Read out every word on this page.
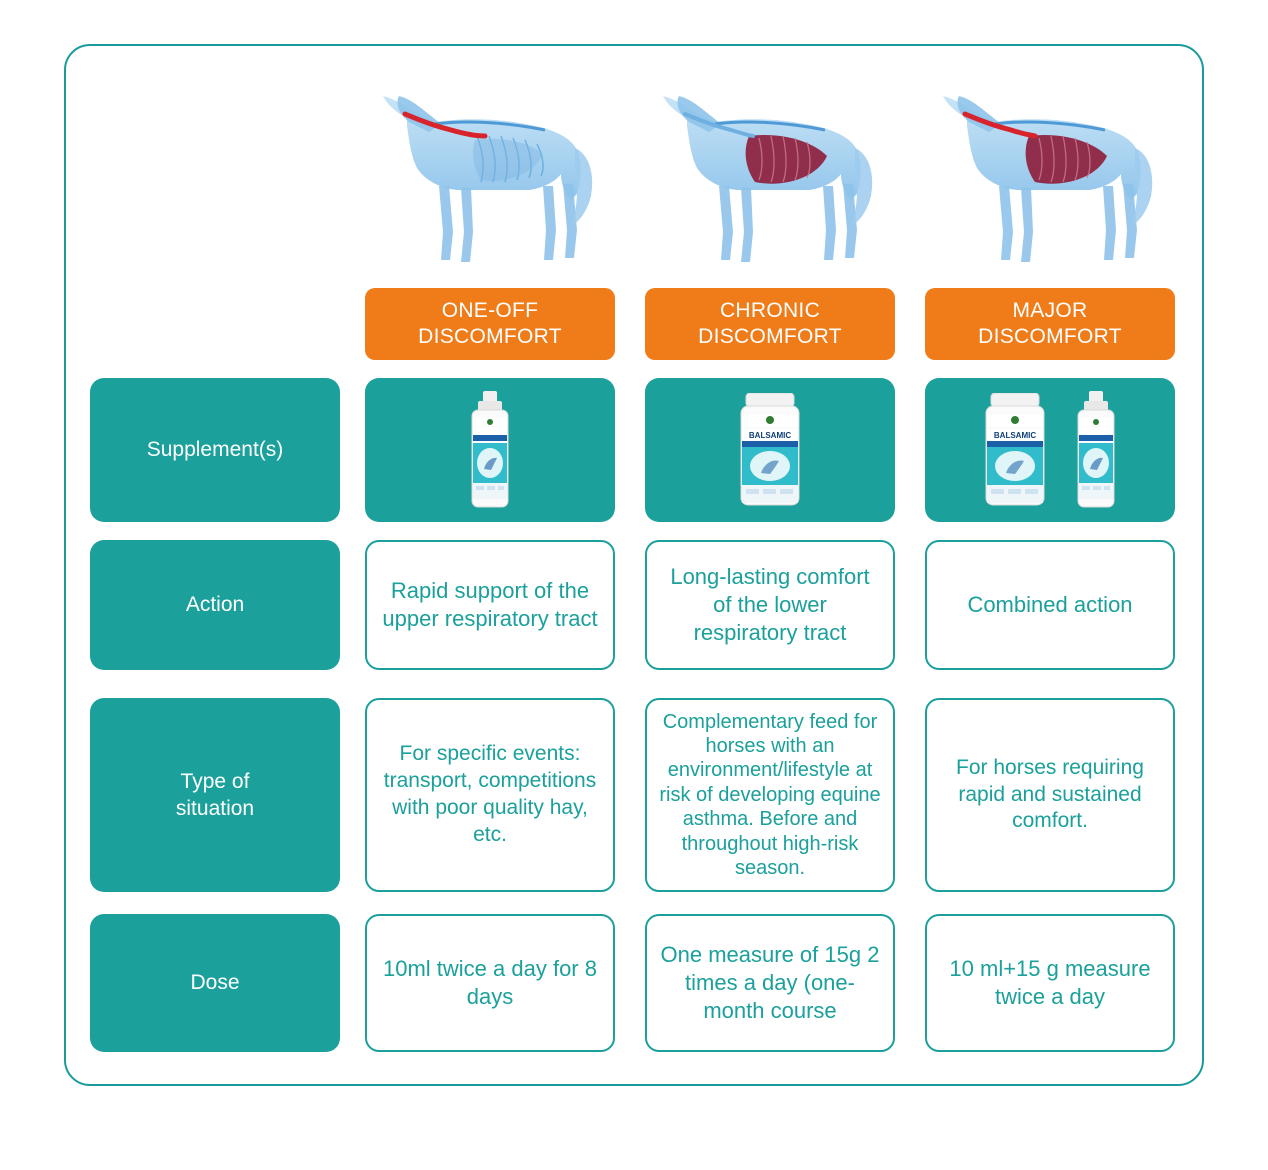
ONE-OFF
DISCOMFORT
CHRONIC
DISCOMFORT
MAJOR
DISCOMFORT
Supplement(s)
BALSAMIC	BALSAMIC
Action
Rapid support of the upper respiratory tract
Long-lasting comfort of the lower respiratory tract
Combined action
Type of
situation
For specific events: transport, competitions with poor quality hay, etc.
Complementary feed for horses with an environment/lifestyle at risk of developing equine asthma. Before and throughout high-risk season.
For horses requiring rapid and sustained comfort.
Dose
10ml twice a day for 8 days
One measure of 15g 2 times a day (one-month course
10 ml+15 g measure twice a day
